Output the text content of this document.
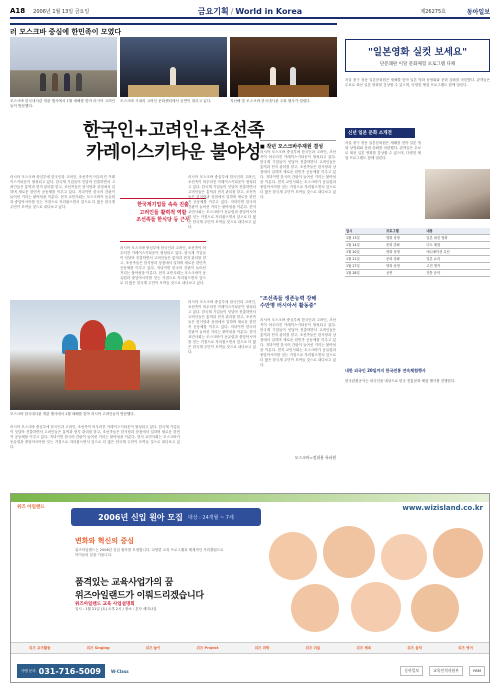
A18 2006년 1월 13일 금요일	금요기획 / World in Korea	제26275호	동아일보
러 모스크바 중심에 한민족이 모였다
모스크바 한국대사관 개관 행사에서 1월 새해를 맞아 러시아 고려인들이 방문했다.
모스크바 시내의 고려인 문화센터에서 공연이 열리고 있다.	지난해 말 모스크바 한국대사관 주최 행사가 열렸다.
한국인+고려인+조선족
카레이스키타운 불야성
러시아 모스크바 중심부에 한국인과 고려인, 조선족이 어우러진 카레이스키타운이 형성되고 있다. 한국계 기업들이 잇달아 진출하면서 고려인들은 통역과 현지 관리를 맡고, 조선족들은 한식당과 상점에서 일하며 새로운 한민족 공동체를 이루고 있다. 저녁이면 한국어 간판이 늘어선 거리는 불야성을 이룬다. 현지 교민사회는 모스크바가 동유럽과 중앙아시아를 잇는 거점으로 자리잡으면서 앞으로 더 많은 한국계 주민이 모여들 것으로 내다보고 있다.	한국계기업들 속속 진출
고려인들 활력적 역할
조선족들 한식당 등 근무
러시아 모스크바 중심부에 한국인과 고려인, 조선족이 어우러진 카레이스키타운이 형성되고 있다. 한국계 기업들이 잇달아 진출하면서 고려인들은 통역과 현지 관리를 맡고, 조선족들은 한식당과 상점에서 일하며 새로운 한민족 공동체를 이루고 있다. 저녁이면 한국어 간판이 늘어선 거리는 불야성을 이룬다. 현지 교민사회는 모스크바가 동유럽과 중앙아시아를 잇는 거점으로 자리잡으면서 앞으로 더 많은 한국계 주민이 모여들 것으로 내다보고 있다.
러시아 모스크바 중심부에 한국인과 고려인, 조선족이 어우러진 카레이스키타운이 형성되고 있다. 한국계 기업들이 잇달아 진출하면서 고려인들은 통역과 현지 관리를 맡고, 조선족들은 한식당과 상점에서 일하며 새로운 한민족 공동체를 이루고 있다. 저녁이면 한국어 간판이 늘어선 거리는 불야성을 이룬다. 현지 교민사회는 모스크바가 동유럽과 중앙아시아를 잇는 거점으로 자리잡으면서 앞으로 더 많은 한국계 주민이 모여들 것으로 내다보고 있다.
■ 작년 모스크바주재원 결성
러시아 모스크바 중심부에 한국인과 고려인, 조선족이 어우러진 카레이스키타운이 형성되고 있다. 한국계 기업들이 잇달아 진출하면서 고려인들은 통역과 현지 관리를 맡고, 조선족들은 한식당과 상점에서 일하며 새로운 한민족 공동체를 이루고 있다. 저녁이면 한국어 간판이 늘어선 거리는 불야성을 이룬다. 현지 교민사회는 모스크바가 동유럽과 중앙아시아를 잇는 거점으로 자리잡으면서 앞으로 더 많은 한국계 주민이 모여들 것으로 내다보고 있다.
"조선족들 생존능력 강해
수만명 러시아서 활동중"
러시아 모스크바 중심부에 한국인과 고려인, 조선족이 어우러진 카레이스키타운이 형성되고 있다. 한국계 기업들이 잇달아 진출하면서 고려인들은 통역과 현지 관리를 맡고, 조선족들은 한식당과 상점에서 일하며 새로운 한민족 공동체를 이루고 있다. 저녁이면 한국어 간판이 늘어선 거리는 불야성을 이룬다. 현지 교민사회는 모스크바가 동유럽과 중앙아시아를 잇는 거점으로 자리잡으면서 앞으로 더 많은 한국계 주민이 모여들 것으로 내다보고 있다.
모스크바 한국대사관 개관 행사에서 1월 새해를 맞아 러시아 고려인들이 방문했다.
러시아 모스크바 중심부에 한국인과 고려인, 조선족이 어우러진 카레이스키타운이 형성되고 있다. 한국계 기업들이 잇달아 진출하면서 고려인들은 통역과 현지 관리를 맡고, 조선족들은 한식당과 상점에서 일하며 새로운 한민족 공동체를 이루고 있다. 저녁이면 한국어 간판이 늘어선 거리는 불야성을 이룬다. 현지 교민사회는 모스크바가 동유럽과 중앙아시아를 잇는 거점으로 자리잡으면서 앞으로 더 많은 한국계 주민이 모여들 것으로 내다보고 있다.
러시아 모스크바 중심부에 한국인과 고려인, 조선족이 어우러진 카레이스키타운이 형성되고 있다. 한국계 기업들이 잇달아 진출하면서 고려인들은 통역과 현지 관리를 맡고, 조선족들은 한식당과 상점에서 일하며 새로운 한민족 공동체를 이루고 있다. 저녁이면 한국어 간판이 늘어선 거리는 불야성을 이룬다. 현지 교민사회는 모스크바가 동유럽과 중앙아시아를 잇는 거점으로 자리잡으면서 앞으로 더 많은 한국계 주민이 모여들 것으로 내다보고 있다.
모스크바=정위용 특파원
"일본영화 실컷 보세요"
단문쾌판 이달 문화체험 프로그램 다채
서울 중구 정동 일본문화원은 새해를 맞아 일본 영화 상영회와 문화 강좌를 마련했다. 관객들은 무료로 최신 일본 영화를 감상할 수 있으며, 다양한 체험 프로그램도 함께 열린다.
일시	프로그램	내용
1월 13일	영화 상영	일본 최신 영화
1월 14일	문화 강좌	다도 체험
1월 20일	영화 상영	애니메이션 특선
1월 21일	문화 강좌	일본 요리
1월 27일	영화 상영	고전 명작
1월 28일	공연	전통 음악
내한 외국인 20일까지 한국전통 연속체험행사
한국관광공사는 외국인을 대상으로 한국 전통문화 체험 행사를 진행한다.
신년 일본 문화 소개전
서울 중구 정동 일본문화원은 새해를 맞아 일본 영화 상영회와 문화 강좌를 마련했다. 관객들은 무료로 최신 일본 영화를 감상할 수 있으며, 다양한 체험 프로그램도 함께 열린다.
위즈 아일랜드	www.wizisland.co.kr
2006년 신입 원아 모집 대상 : 24개월 ~ 7세
변화와 혁신의 중심
위즈아일랜드는 2006년 신입 원아를 모집합니다. 다양한 교육 프로그램과 체계적인 커리큘럼으로 아이들의 꿈을 키웁니다.
품격있는 교육사업가의 꿈
위즈아일랜드가 이뤄드리겠습니다
위즈아일랜드 교육 사업설명회
일시 : 1월 21일 (토) 오후 2시 / 장소 : 본사 세미나실
위즈 교구활동	위즈 Singing	위즈 놀이	위즈 Project	위즈 과학	위즈 미술	위즈 체육	위즈 음악	위즈 영어
가맹 문의 031-716-5009	W-Class	동아일보	교육인적자원부	YBM
